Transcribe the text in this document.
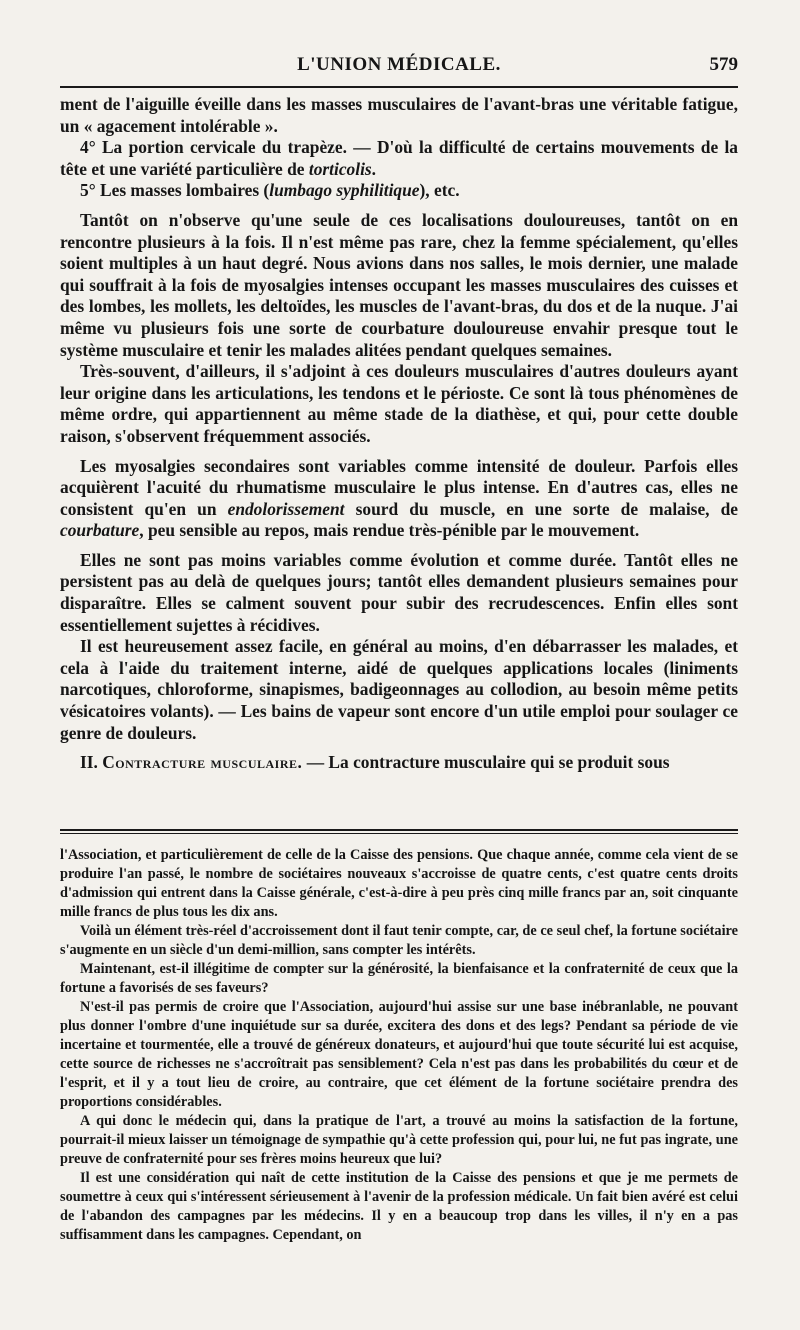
L'UNION MÉDICALE.	579

ment de l'aiguille éveille dans les masses musculaires de l'avant-bras une véritable fatigue, un « agacement intolérable ».

4° La portion cervicale du trapèze. — D'où la difficulté de certains mouvements de la tête et une variété particulière de torticolis.

5° Les masses lombaires (lumbago syphilitique), etc.

Tantôt on n'observe qu'une seule de ces localisations douloureuses, tantôt on en rencontre plusieurs à la fois. Il n'est même pas rare, chez la femme spécialement, qu'elles soient multiples à un haut degré. Nous avions dans nos salles, le mois dernier, une malade qui souffrait à la fois de myosalgies intenses occupant les masses musculaires des cuisses et des lombes, les mollets, les deltoïdes, les muscles de l'avant-bras, du dos et de la nuque. J'ai même vu plusieurs fois une sorte de courbature douloureuse envahir presque tout le système musculaire et tenir les malades alitées pendant quelques semaines.

Très-souvent, d'ailleurs, il s'adjoint à ces douleurs musculaires d'autres douleurs ayant leur origine dans les articulations, les tendons et le périoste. Ce sont là tous phénomènes de même ordre, qui appartiennent au même stade de la diathèse, et qui, pour cette double raison, s'observent fréquemment associés.

Les myosalgies secondaires sont variables comme intensité de douleur. Parfois elles acquièrent l'acuité du rhumatisme musculaire le plus intense. En d'autres cas, elles ne consistent qu'en un endolorissement sourd du muscle, en une sorte de malaise, de courbature, peu sensible au repos, mais rendue très-pénible par le mouvement.

Elles ne sont pas moins variables comme évolution et comme durée. Tantôt elles ne persistent pas au delà de quelques jours; tantôt elles demandent plusieurs semaines pour disparaître. Elles se calment souvent pour subir des recrudescences. Enfin elles sont essentiellement sujettes à récidives.

Il est heureusement assez facile, en général au moins, d'en débarrasser les malades, et cela à l'aide du traitement interne, aidé de quelques applications locales (liniments narcotiques, chloroforme, sinapismes, badigeonnages au collodion, au besoin même petits vésicatoires volants). — Les bains de vapeur sont encore d'un utile emploi pour soulager ce genre de douleurs.

II. Contracture musculaire. — La contracture musculaire qui se produit sous

l'Association, et particulièrement de celle de la Caisse des pensions. Que chaque année, comme cela vient de se produire l'an passé, le nombre de sociétaires nouveaux s'accroisse de quatre cents, c'est quatre cents droits d'admission qui entrent dans la Caisse générale, c'est-à-dire à peu près cinq mille francs par an, soit cinquante mille francs de plus tous les dix ans.

Voilà un élément très-réel d'accroissement dont il faut tenir compte, car, de ce seul chef, la fortune sociétaire s'augmente en un siècle d'un demi-million, sans compter les intérêts.

Maintenant, est-il illégitime de compter sur la générosité, la bienfaisance et la confraternité de ceux que la fortune a favorisés de ses faveurs?

N'est-il pas permis de croire que l'Association, aujourd'hui assise sur une base inébranlable, ne pouvant plus donner l'ombre d'une inquiétude sur sa durée, excitera des dons et des legs? Pendant sa période de vie incertaine et tourmentée, elle a trouvé de généreux donateurs, et aujourd'hui que toute sécurité lui est acquise, cette source de richesses ne s'accroîtrait pas sensiblement? Cela n'est pas dans les probabilités du cœur et de l'esprit, et il y a tout lieu de croire, au contraire, que cet élément de la fortune sociétaire prendra des proportions considérables.

A qui donc le médecin qui, dans la pratique de l'art, a trouvé au moins la satisfaction de la fortune, pourrait-il mieux laisser un témoignage de sympathie qu'à cette profession qui, pour lui, ne fut pas ingrate, une preuve de confraternité pour ses frères moins heureux que lui?

Il est une considération qui naît de cette institution de la Caisse des pensions et que je me permets de soumettre à ceux qui s'intéressent sérieusement à l'avenir de la profession médicale. Un fait bien avéré est celui de l'abandon des campagnes par les médecins. Il y en a beaucoup trop dans les villes, il n'y en a pas suffisamment dans les campagnes. Cependant, on
